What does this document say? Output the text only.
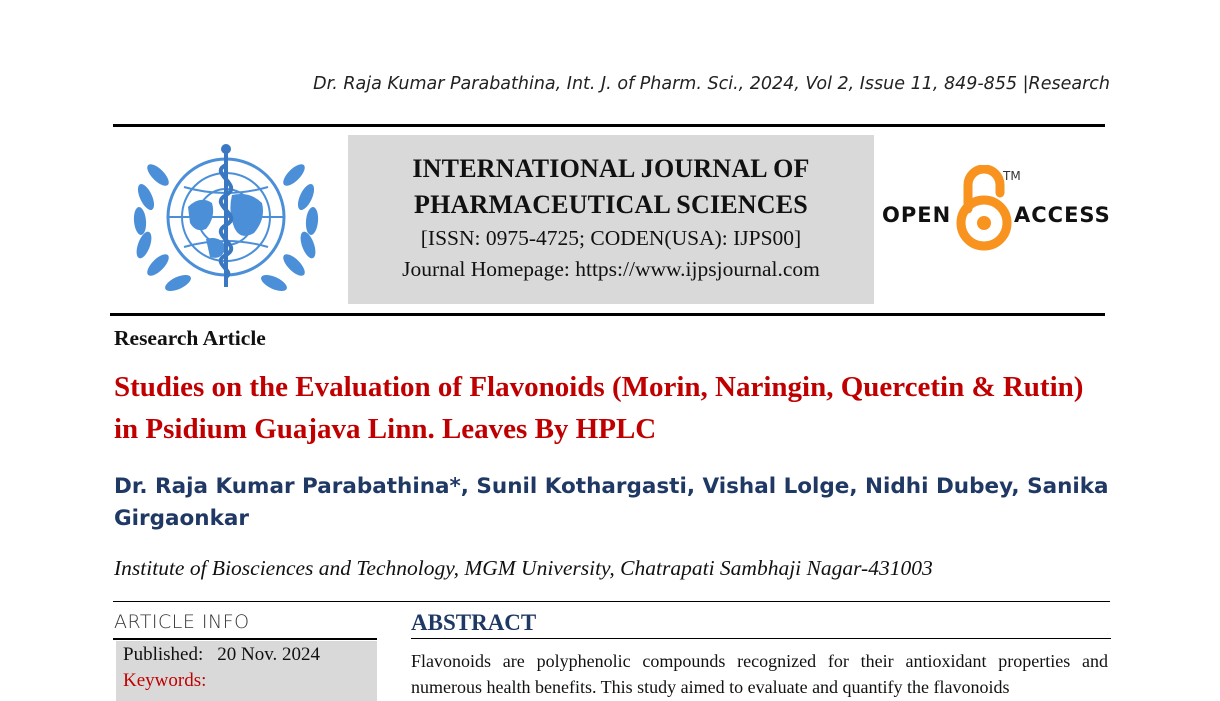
Dr. Raja Kumar Parabathina, Int. J. of Pharm. Sci., 2024, Vol 2, Issue 11, 849-855 |Research
INTERNATIONAL JOURNAL OF
PHARMACEUTICAL SCIENCES
[ISSN: 0975-4725; CODEN(USA): IJPS00]
Journal Homepage: https://www.ijpsjournal.com
OPEN
TM
ACCESS
Research Article
Studies on the Evaluation of Flavonoids (Morin, Naringin, Quercetin & Rutin) in Psidium Guajava Linn. Leaves By HPLC
Dr. Raja Kumar Parabathina*, Sunil Kothargasti, Vishal Lolge, Nidhi Dubey, Sanika Girgaonkar
Institute of Biosciences and Technology, MGM University, Chatrapati Sambhaji Nagar-431003
ARTICLE INFO
Published: 20 Nov. 2024
Keywords:
ABSTRACT
Flavonoids are polyphenolic compounds recognized for their antioxidant properties and numerous health benefits. This study aimed to evaluate and quantify the flavonoids
